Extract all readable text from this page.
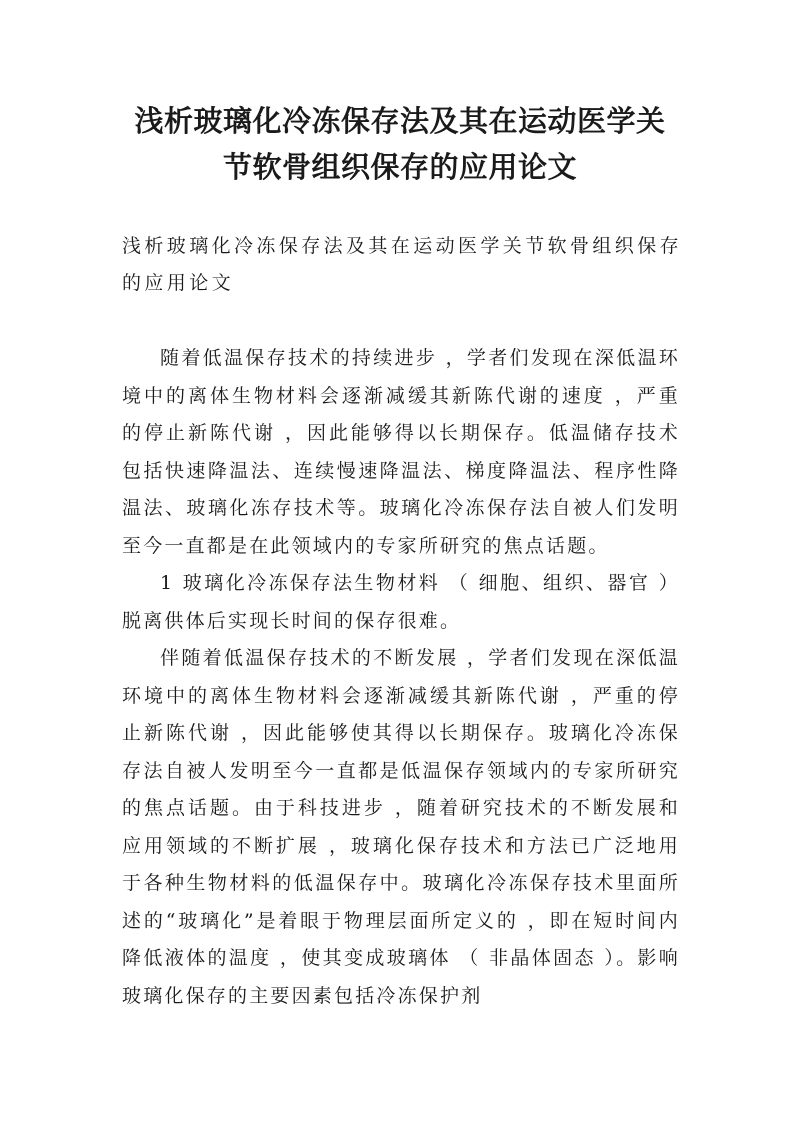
浅析玻璃化冷冻保存法及其在运动医学关节软骨组织保存的应用论文
浅析玻璃化冷冻保存法及其在运动医学关节软骨组织保存的应用论文

随着低温保存技术的持续进步 ，学者们发现在深低温环境中的离体生物材料会逐渐减缓其新陈代谢的速度 ，严重的停止新陈代谢 ，因此能够得以长期保存。低温储存技术包括快速降温法、连续慢速降温法、梯度降温法、程序性降温法、玻璃化冻存技术等。玻璃化冷冻保存法自被人们发明至今一直都是在此领域内的专家所研究的焦点话题。

1 玻璃化冷冻保存法生物材料 （ 细胞、组织、器官 ）脱离供体后实现长时间的保存很难。

伴随着低温保存技术的不断发展 ，学者们发现在深低温环境中的离体生物材料会逐渐减缓其新陈代谢 ，严重的停止新陈代谢 ，因此能够使其得以长期保存。玻璃化冷冻保存法自被人发明至今一直都是低温保存领域内的专家所研究的焦点话题。由于科技进步 ，随着研究技术的不断发展和应用领域的不断扩展 ，玻璃化保存技术和方法已广泛地用于各种生物材料的低温保存中。玻璃化冷冻保存技术里面所述的“玻璃化”是着眼于物理层面所定义的 ，即在短时间内降低液体的温度 ，使其变成玻璃体 （ 非晶体固态 ）。影响玻璃化保存的主要因素包括冷冻保护剂
